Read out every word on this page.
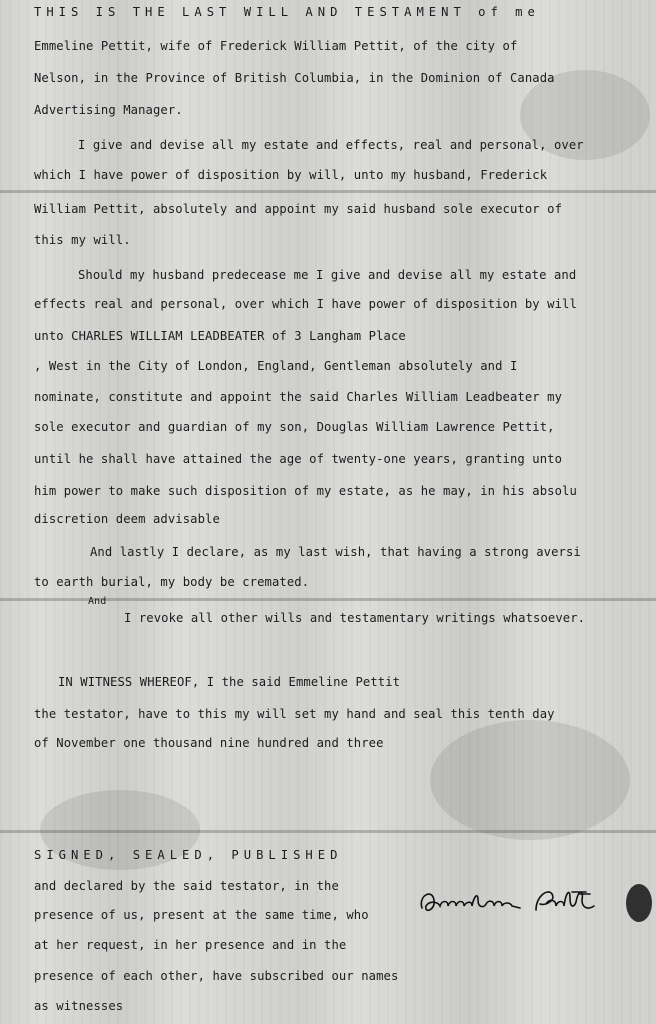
THIS IS THE LAST WILL AND TESTAMENT of me
Emmeline Pettit, wife of Frederick William Pettit, of the city of
Nelson, in the Province of British Columbia, in the Dominion of Canada
Advertising Manager.
I give and devise all my estate and effects, real and personal, over
which I have power of disposition by will, unto my husband, Frederick
William Pettit, absolutely and appoint my said husband sole executor of
this my will.
Should my husband predecease me I give and devise all my estate and
effects real and personal, over which I have power of disposition by will
unto CHARLES WILLIAM LEADBEATER of 3 Langham Place
, West in the City of London, England, Gentleman absolutely and I
nominate, constitute and appoint the said Charles William Leadbeater my
sole executor and guardian of my son, Douglas William Lawrence Pettit,
until he shall have attained the age of twenty-one years, granting unto
him power to make such disposition of my estate, as he may, in his absolu
discretion deem advisable
And lastly I declare, as my last wish, that having a strong aversi
to earth burial, my body be cremated.
And
I revoke all other wills and testamentary writings whatsoever.
IN WITNESS WHEREOF, I the said Emmeline Pettit
the testator, have to this my will set my hand and seal this tenth day
of November one thousand nine hundred and three
SIGNED, SEALED, PUBLISHED
and declared by the said testator, in the
presence of us, present at the same time, who
at her request, in her presence and in the
presence of each other, have subscribed our names
as witnesses
